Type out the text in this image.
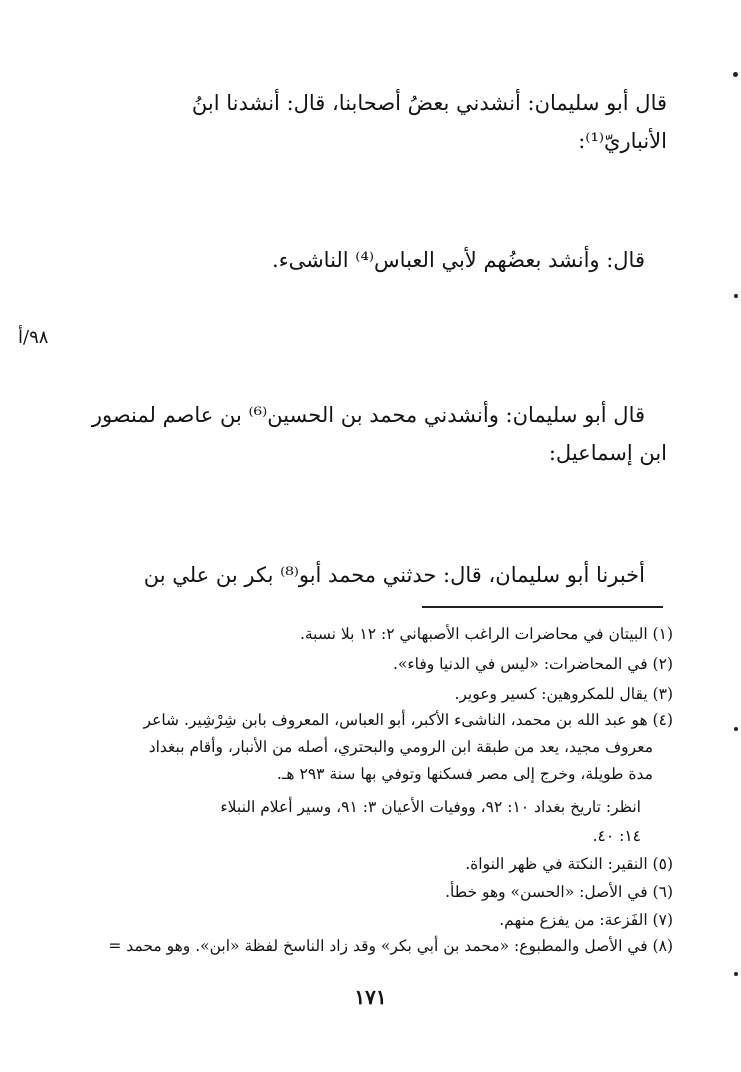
قال أبو سليمان: أنشدني بعضُ أصحابنا، قال: أنشدنا ابنُ
الأنباريّ⁽¹⁾:
قال: وأنشد بعضُهم لأبي العباس⁽⁴⁾ الناشىء.
٩٨/أ
قال أبو سليمان: وأنشدني محمد بن الحسين⁽⁶⁾ بن عاصم لمنصور
ابن إسماعيل:
أخبرنا أبو سليمان، قال: حدثني محمد أبو⁽⁸⁾ بكر بن علي بن
(١) البيتان في محاضرات الراغب الأصبهاني ٢: ١٢ بلا نسبة.
(٢) في المحاضرات: «ليس في الدنيا وفاء».
(٣) يقال للمكروهين: كسير وعوير.
(٤) هو عبد الله بن محمد، الناشىء الأكبر، أبو العباس، المعروف بابن شِرْشِير. شاعر
معروف مجيد، يعد من طبقة ابن الرومي والبحتري، أصله من الأنبار، وأقام ببغداد
مدة طويلة، وخرج إلى مصر فسكنها وتوفي بها سنة ٢٩٣ هـ.
انظر: تاريخ بغداد ١٠: ٩٢، ووفيات الأعيان ٣: ٩١، وسير أعلام النبلاء
١٤: ٤٠.
(٥) النقير: النكتة في ظهر النواة.
(٦) في الأصل: «الحسن» وهو خطأ.
(٧) الفَزعة: من يفزع منهم.
(٨) في الأصل والمطبوع: «محمد بن أبي بكر» وقد زاد الناسخ لفظة «ابن». وهو محمد =
١٧١
